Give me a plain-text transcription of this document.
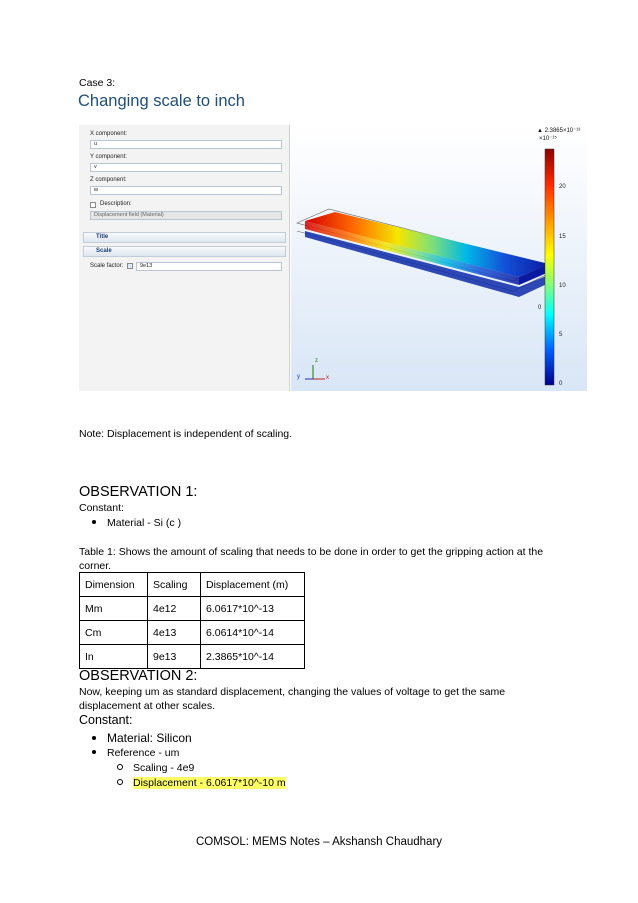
Case 3:
Changing scale to inch
X component:
u
Y component:
v
Z component:
w
Description:
Displacement field (Material)
Title
Scale
Scale factor:	9e13
▲ 2.3865×10⁻¹³
×10⁻¹⁵
20
15
10
5
0
0
z
y	x
Note: Displacement is independent of scaling.
OBSERVATION 1:
Constant:
Material - Si (c )
Table 1: Shows the amount of scaling that needs to be done in order to get the gripping action at the corner.
Dimension	Scaling	Displacement (m)
Mm	4e12	6.0617*10^-13
Cm	4e13	6.0614*10^-14
In	9e13	2.3865*10^-14
OBSERVATION 2:
Now, keeping um as standard displacement, changing the values of voltage to get the same displacement at other scales.
Constant:
Material: Silicon
Reference - um
Scaling - 4e9
Displacement - 6.0617*10^-10 m
COMSOL: MEMS Notes – Akshansh Chaudhary
